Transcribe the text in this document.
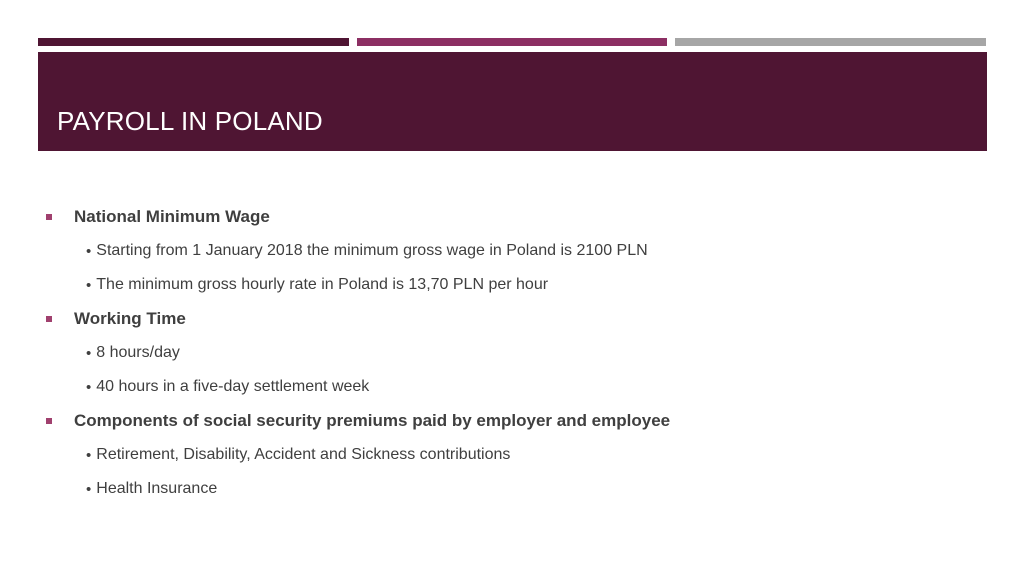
PAYROLL IN POLAND
National Minimum Wage
• Starting from 1 January 2018 the minimum gross wage in Poland is 2100 PLN
• The minimum gross hourly rate in Poland is 13,70 PLN per hour
Working Time
• 8 hours/day
• 40 hours in a five-day settlement week
Components of social security premiums paid by employer and employee
• Retirement, Disability, Accident and Sickness contributions
• Health Insurance
